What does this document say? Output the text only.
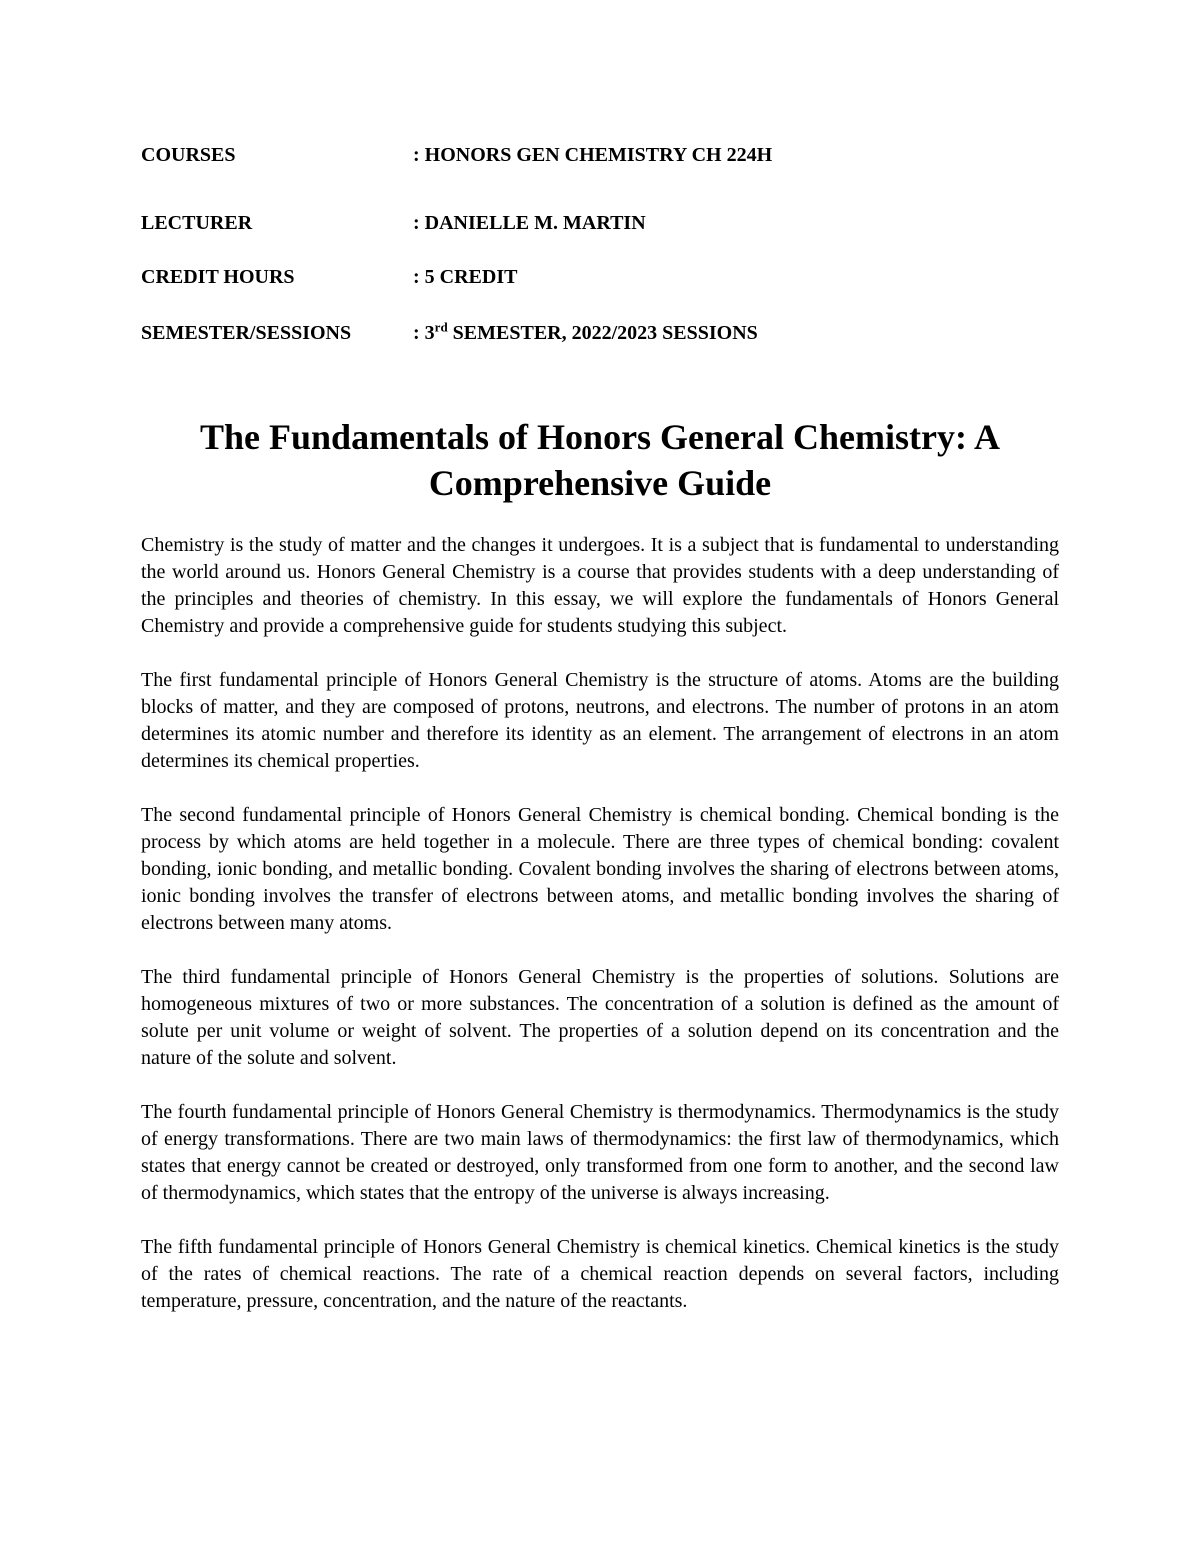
COURSES	: HONORS GEN CHEMISTRY CH 224H
LECTURER	: DANIELLE M. MARTIN
CREDIT HOURS	: 5 CREDIT
SEMESTER/SESSIONS	: 3rd SEMESTER, 2022/2023 SESSIONS
The Fundamentals of Honors General Chemistry: A Comprehensive Guide

Chemistry is the study of matter and the changes it undergoes. It is a subject that is fundamental to understanding the world around us. Honors General Chemistry is a course that provides students with a deep understanding of the principles and theories of chemistry. In this essay, we will explore the fundamentals of Honors General Chemistry and provide a comprehensive guide for students studying this subject.

The first fundamental principle of Honors General Chemistry is the structure of atoms. Atoms are the building blocks of matter, and they are composed of protons, neutrons, and electrons. The number of protons in an atom determines its atomic number and therefore its identity as an element. The arrangement of electrons in an atom determines its chemical properties.

The second fundamental principle of Honors General Chemistry is chemical bonding. Chemical bonding is the process by which atoms are held together in a molecule. There are three types of chemical bonding: covalent bonding, ionic bonding, and metallic bonding. Covalent bonding involves the sharing of electrons between atoms, ionic bonding involves the transfer of electrons between atoms, and metallic bonding involves the sharing of electrons between many atoms.

The third fundamental principle of Honors General Chemistry is the properties of solutions. Solutions are homogeneous mixtures of two or more substances. The concentration of a solution is defined as the amount of solute per unit volume or weight of solvent. The properties of a solution depend on its concentration and the nature of the solute and solvent.

The fourth fundamental principle of Honors General Chemistry is thermodynamics. Thermodynamics is the study of energy transformations. There are two main laws of thermodynamics: the first law of thermodynamics, which states that energy cannot be created or destroyed, only transformed from one form to another, and the second law of thermodynamics, which states that the entropy of the universe is always increasing.

The fifth fundamental principle of Honors General Chemistry is chemical kinetics. Chemical kinetics is the study of the rates of chemical reactions. The rate of a chemical reaction depends on several factors, including temperature, pressure, concentration, and the nature of the reactants.
